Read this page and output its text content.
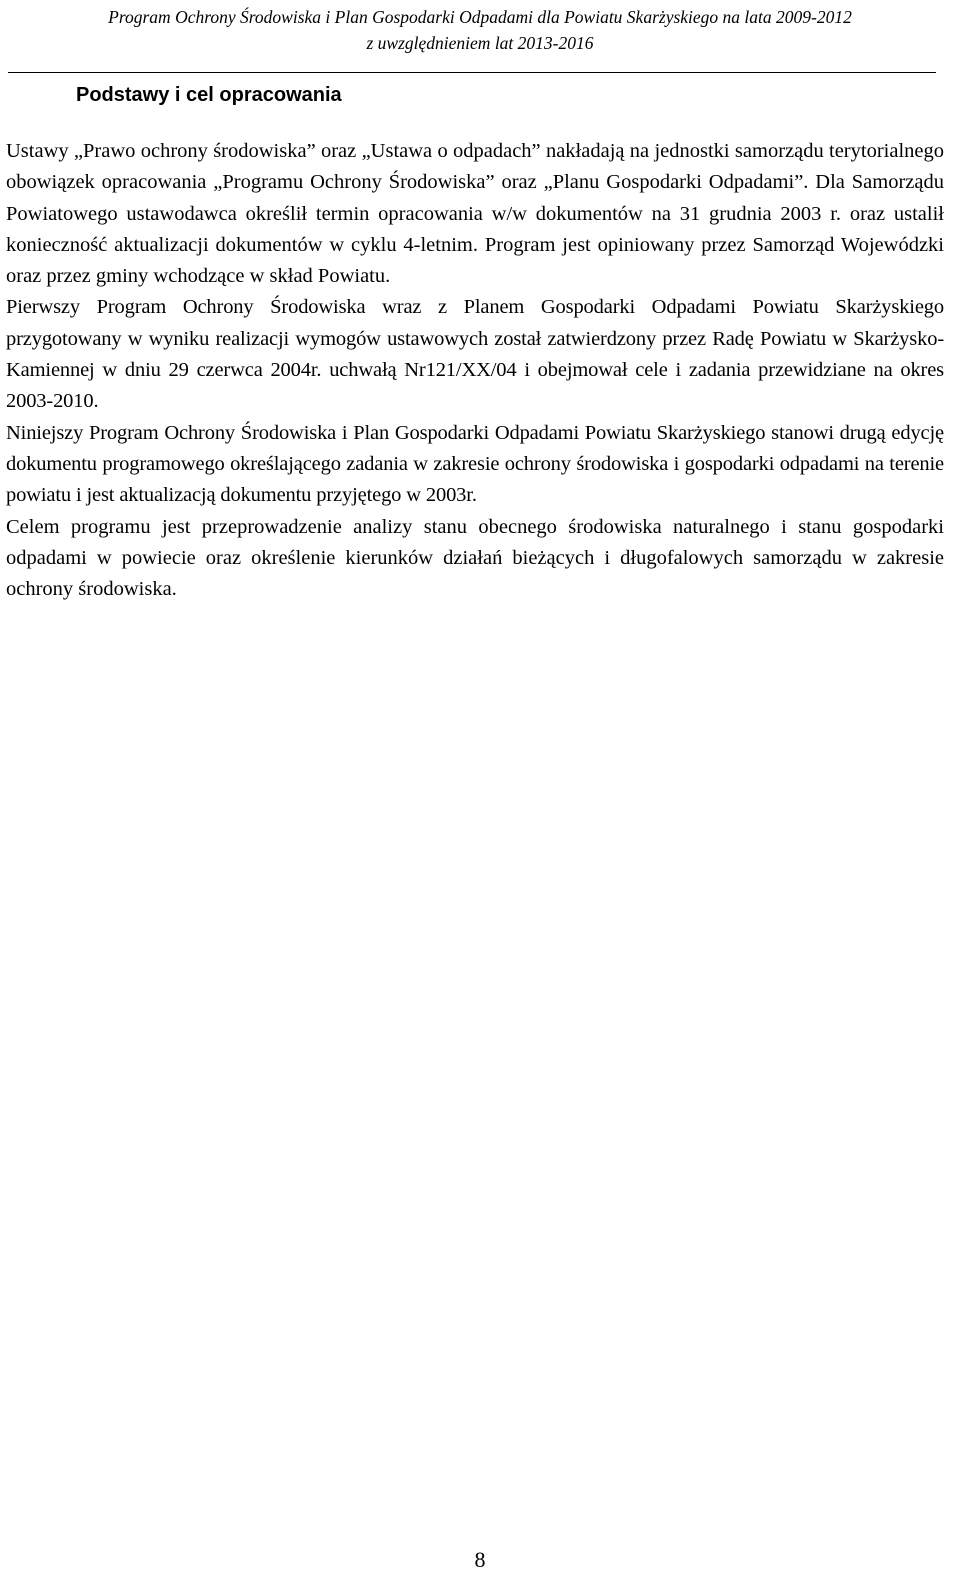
Program Ochrony Środowiska i Plan Gospodarki Odpadami dla Powiatu Skarżyskiego na lata 2009-2012
z uwzględnieniem lat 2013-2016
Podstawy i cel opracowania

Ustawy „Prawo ochrony środowiska” oraz „Ustawa o odpadach” nakładają na jednostki samorządu terytorialnego obowiązek opracowania „Programu Ochrony Środowiska” oraz „Planu Gospodarki Odpadami”. Dla Samorządu Powiatowego ustawodawca określił termin opracowania w/w dokumentów na 31 grudnia 2003 r. oraz ustalił konieczność aktualizacji dokumentów w cyklu 4-letnim. Program jest opiniowany przez Samorząd Wojewódzki oraz przez gminy wchodzące w skład Powiatu.

Pierwszy Program Ochrony Środowiska wraz z Planem Gospodarki Odpadami Powiatu Skarżyskiego przygotowany w wyniku realizacji wymogów ustawowych został zatwierdzony przez Radę Powiatu w Skarżysko-Kamiennej w dniu 29 czerwca 2004r. uchwałą Nr121/XX/04 i obejmował cele i zadania przewidziane na okres 2003-2010.

Niniejszy Program Ochrony Środowiska i Plan Gospodarki Odpadami Powiatu Skarżyskiego stanowi drugą edycję dokumentu programowego określającego zadania w zakresie ochrony środowiska i gospodarki odpadami na terenie powiatu i jest aktualizacją dokumentu przyjętego w 2003r.

Celem programu jest przeprowadzenie analizy stanu obecnego środowiska naturalnego i stanu gospodarki odpadami w powiecie oraz określenie kierunków działań bieżących i długofalowych samorządu w zakresie ochrony środowiska.

8
